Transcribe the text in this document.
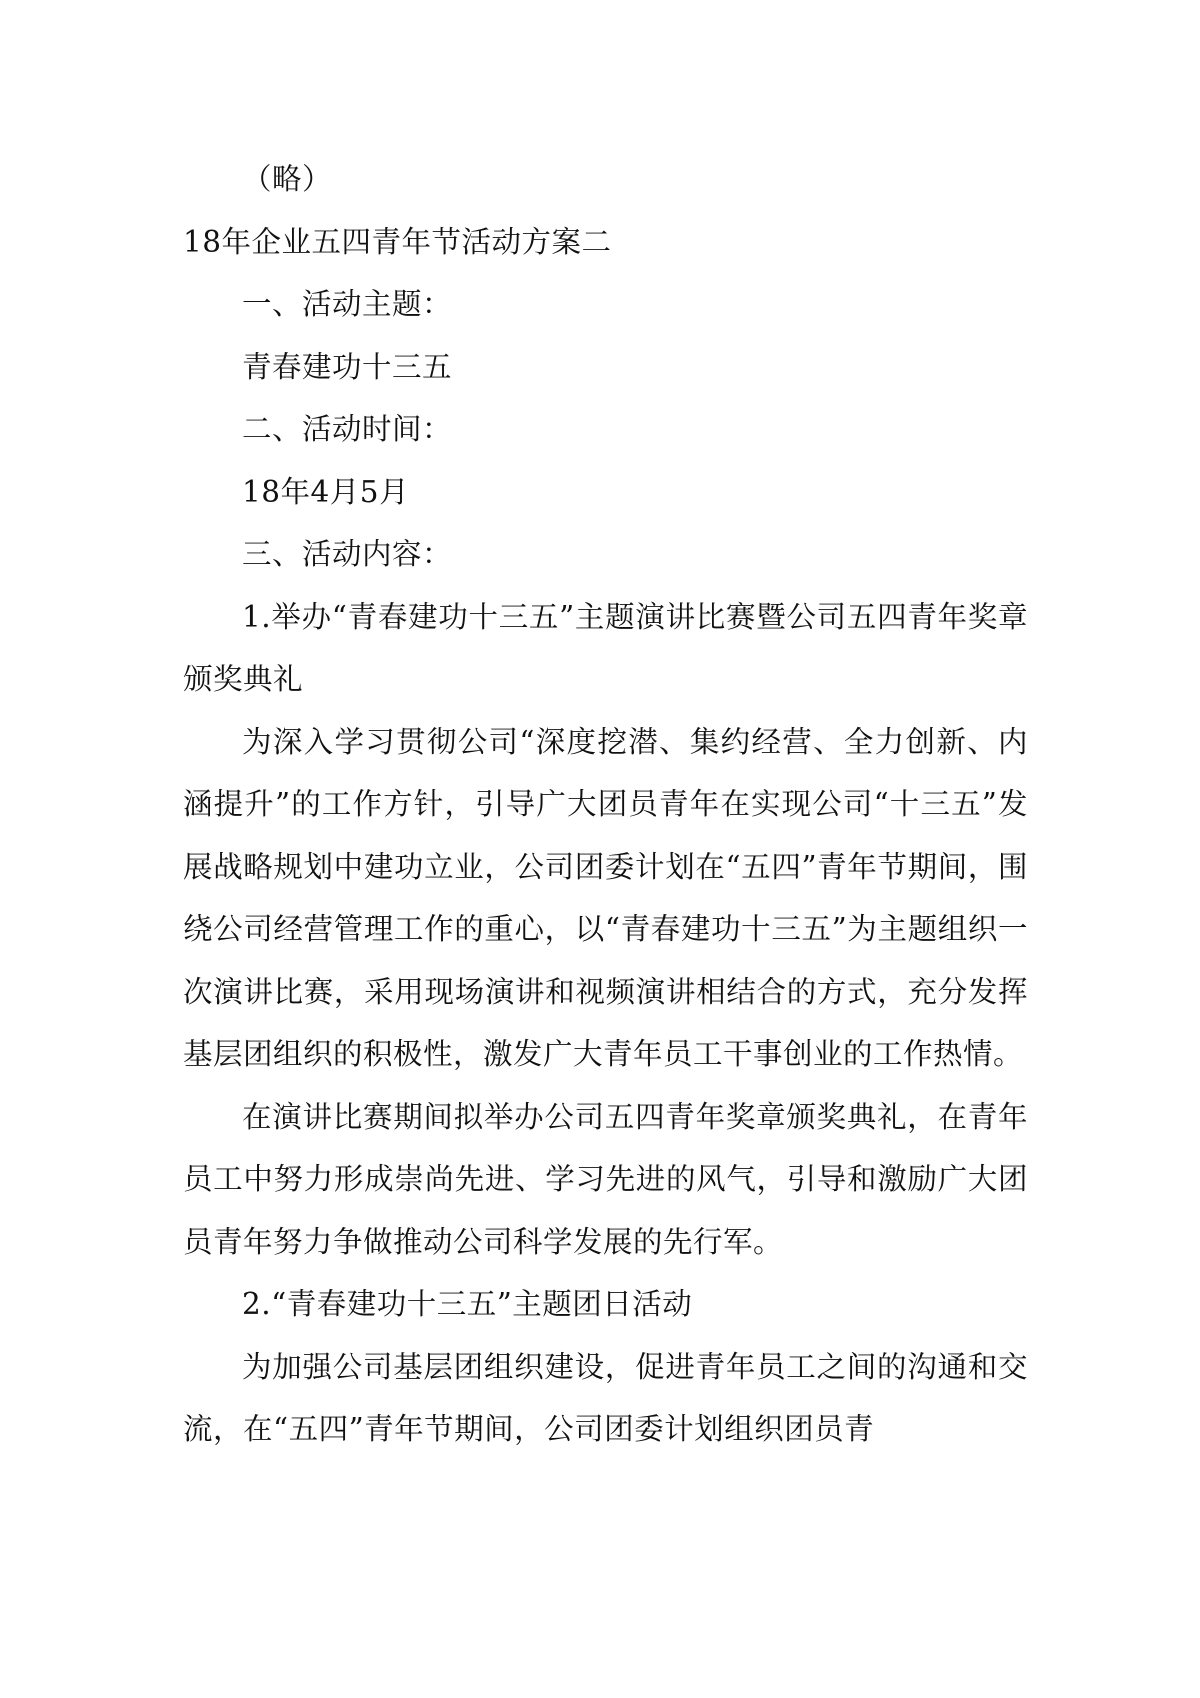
（略）

18年企业五四青年节活动方案二

一、活动主题：

青春建功十三五

二、活动时间：

18年4月5月

三、活动内容：

1.举办“青春建功十三五”主题演讲比赛暨公司五四青年奖章颁奖典礼

为深入学习贯彻公司“深度挖潜、集约经营、全力创新、内涵提升”的工作方针，引导广大团员青年在实现公司“十三五”发展战略规划中建功立业，公司团委计划在“五四”青年节期间，围绕公司经营管理工作的重心，以“青春建功十三五”为主题组织一次演讲比赛，采用现场演讲和视频演讲相结合的方式，充分发挥基层团组织的积极性，激发广大青年员工干事创业的工作热情。

在演讲比赛期间拟举办公司五四青年奖章颁奖典礼，在青年员工中努力形成崇尚先进、学习先进的风气，引导和激励广大团员青年努力争做推动公司科学发展的先行军。

2.“青春建功十三五”主题团日活动

为加强公司基层团组织建设，促进青年员工之间的沟通和交流，在“五四”青年节期间，公司团委计划组织团员青
